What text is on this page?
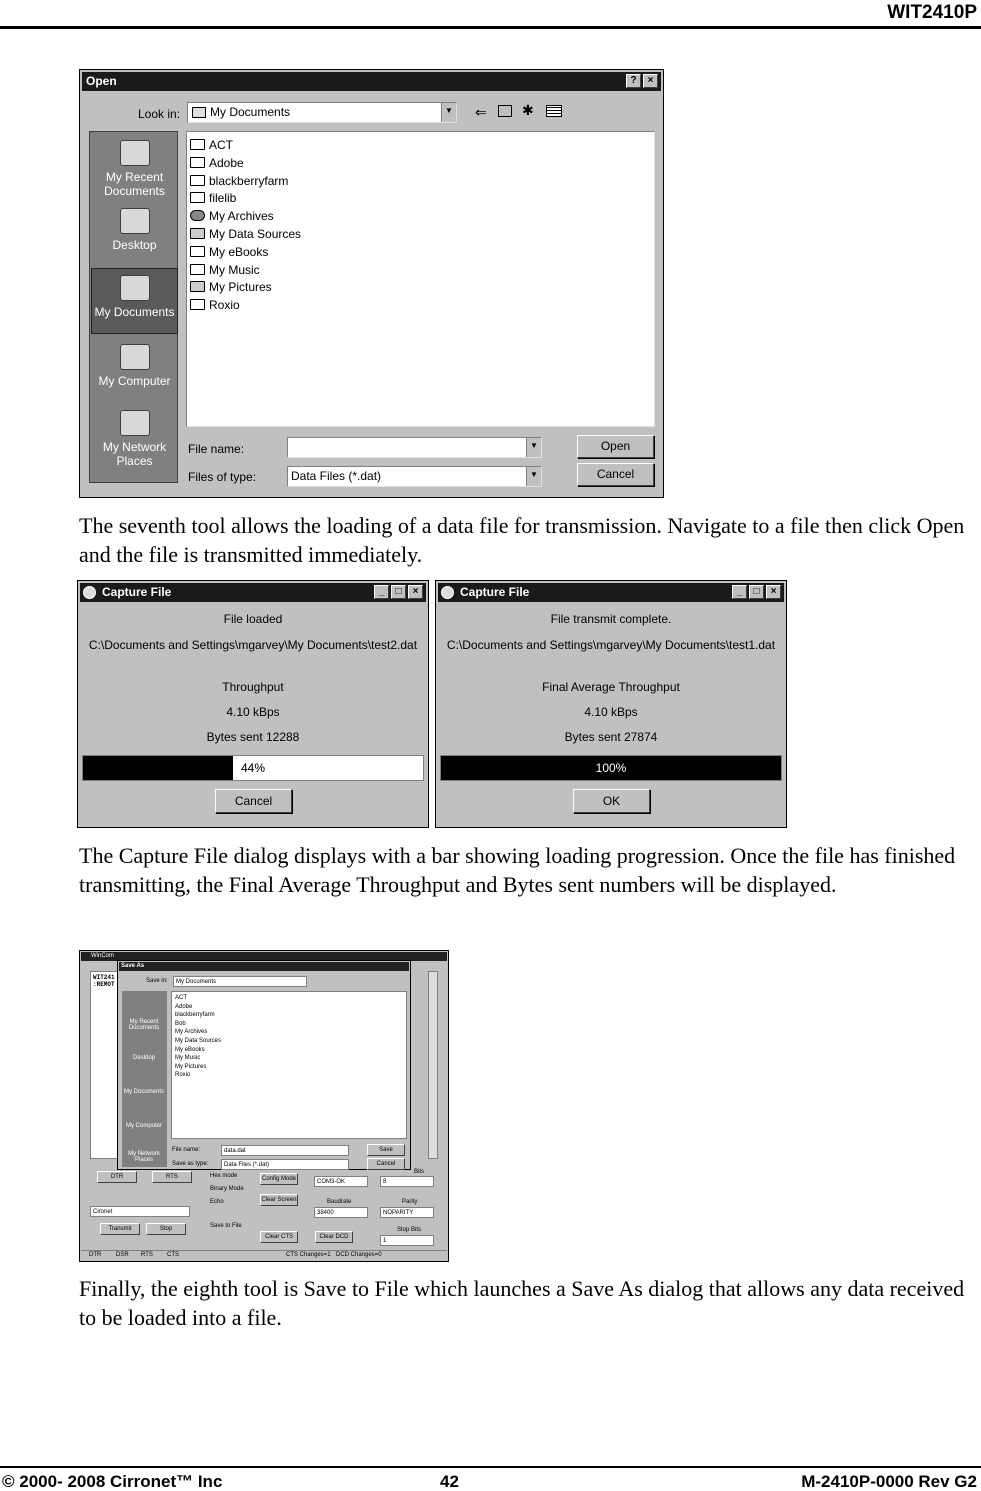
WIT2410P
Open	?	×
Look in:	My Documents	▼ ⇐	✱
My Recent Documents
Desktop
My Documents
My Computer
My Network Places
ACT
Adobe
blackberryfarm
filelib
My Archives
My Data Sources
My eBooks
My Music
My Pictures
Roxio
File name:	▼
Files of type:	Data Files (*.dat)	▼
Open
Cancel

The seventh tool allows the loading of a data file for transmission. Navigate to a file then click Open and the file is transmitted immediately.

Capture File	_	□	×
File loaded
C:\Documents and Settings\mgarvey\My Documents\test2.dat
Throughput
4.10 kBps
Bytes sent 12288
44%
Cancel
Capture File	_	□	×
File transmit complete.
C:\Documents and Settings\mgarvey\My Documents\test1.dat
Final Average Throughput
4.10 kBps
Bytes sent 27874
100%
OK

The Capture File dialog displays with a bar showing loading progression. Once the file has finished transmitting, the Final Average Throughput and Bytes sent numbers will be displayed.

WinCom
WIT241
:REMOT
Save As
Save in:	My Documents
My Recent Documents
Desktop
My Documents
My Computer
My Network Places
ACT
Adobe
blackberryfarm
Bob
My Archives
My Data Sources
My eBooks
My Music
My Pictures
Roxio
File name:	data.dat
Save as type:	Data Files (*.dat)
Save
Cancel
DTR	RTS	Hex mode
Binary Mode
Echo
Save to File
Config Mode
Clear Screen
Clear CTS	Clear DCD
COM3-OK
Baudrate
38400
Bits
8
Parity
NOPARITY
Stop Bits
1
Cironet
Transmit	Stop
DTR DSR RTS CTS	CTS Changes=1 DCD Changes=0

Finally, the eighth tool is Save to File which launches a Save As dialog that allows any data received to be loaded into a file.

© 2000- 2008 Cirronet™ Inc	42	M-2410P-0000 Rev G2
